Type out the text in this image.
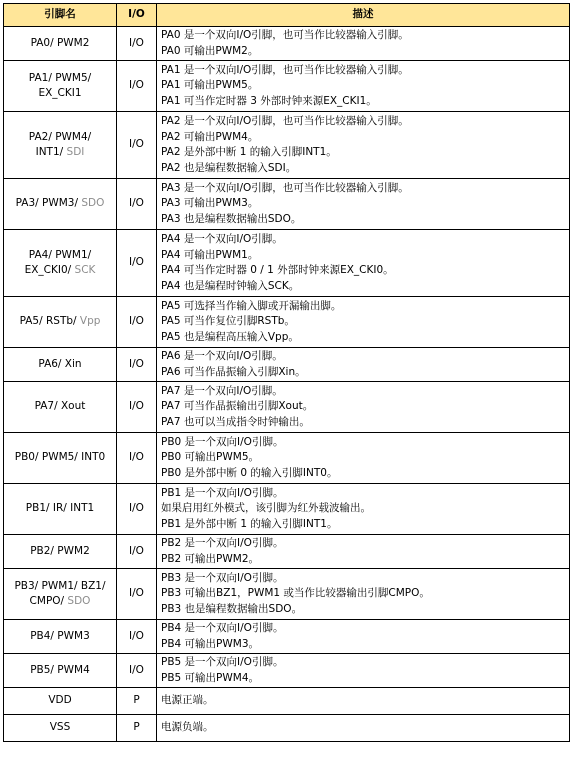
引脚名	I/O	描述

PA0/ PWM2	I/O	PA0 是一个双向I/O引脚，也可当作比较器输入引脚。
PA0 可输出PWM2。

PA1/ PWM5/
EX_CKI1	I/O	PA1 是一个双向I/O引脚，也可当作比较器输入引脚。
PA1 可输出PWM5。
PA1 可当作定时器 3 外部时钟来源EX_CKI1。

PA2/ PWM4/
INT1/ SDI	I/O	PA2 是一个双向I/O引脚，也可当作比较器输入引脚。
PA2 可输出PWM4。
PA2 是外部中断 1 的输入引脚INT1。
PA2 也是编程数据输入SDI。

PA3/ PWM3/ SDO	I/O	PA3 是一个双向I/O引脚，也可当作比较器输入引脚。
PA3 可输出PWM3。
PA3 也是编程数据输出SDO。

PA4/ PWM1/
EX_CKI0/ SCK	I/O	PA4 是一个双向I/O引脚。
PA4 可输出PWM1。
PA4 可当作定时器 0 / 1 外部时钟来源EX_CKI0。
PA4 也是编程时钟输入SCK。

PA5/ RSTb/ Vpp	I/O	PA5 可选择当作输入脚或开漏输出脚。
PA5 可当作复位引脚RSTb。
PA5 也是编程高压输入Vpp。

PA6/ Xin	I/O	PA6 是一个双向I/O引脚。
PA6 可当作晶振输入引脚Xin。

PA7/ Xout	I/O	PA7 是一个双向I/O引脚。
PA7 可当作晶振输出引脚Xout。
PA7 也可以当成指令时钟输出。

PB0/ PWM5/ INT0	I/O	PB0 是一个双向I/O引脚。
PB0 可输出PWM5。
PB0 是外部中断 0 的输入引脚INT0。

PB1/ IR/ INT1	I/O	PB1 是一个双向I/O引脚。
如果启用红外模式，该引脚为红外载波输出。
PB1 是外部中断 1 的输入引脚INT1。

PB2/ PWM2	I/O	PB2 是一个双向I/O引脚。
PB2 可输出PWM2。

PB3/ PWM1/ BZ1/
CMPO/ SDO	I/O	PB3 是一个双向I/O引脚。
PB3 可输出BZ1，PWM1 或当作比较器输出引脚CMPO。
PB3 也是编程数据输出SDO。

PB4/ PWM3	I/O	PB4 是一个双向I/O引脚。
PB4 可输出PWM3。

PB5/ PWM4	I/O	PB5 是一个双向I/O引脚。
PB5 可输出PWM4。

VDD	P	电源正端。

VSS	P	电源负端。
